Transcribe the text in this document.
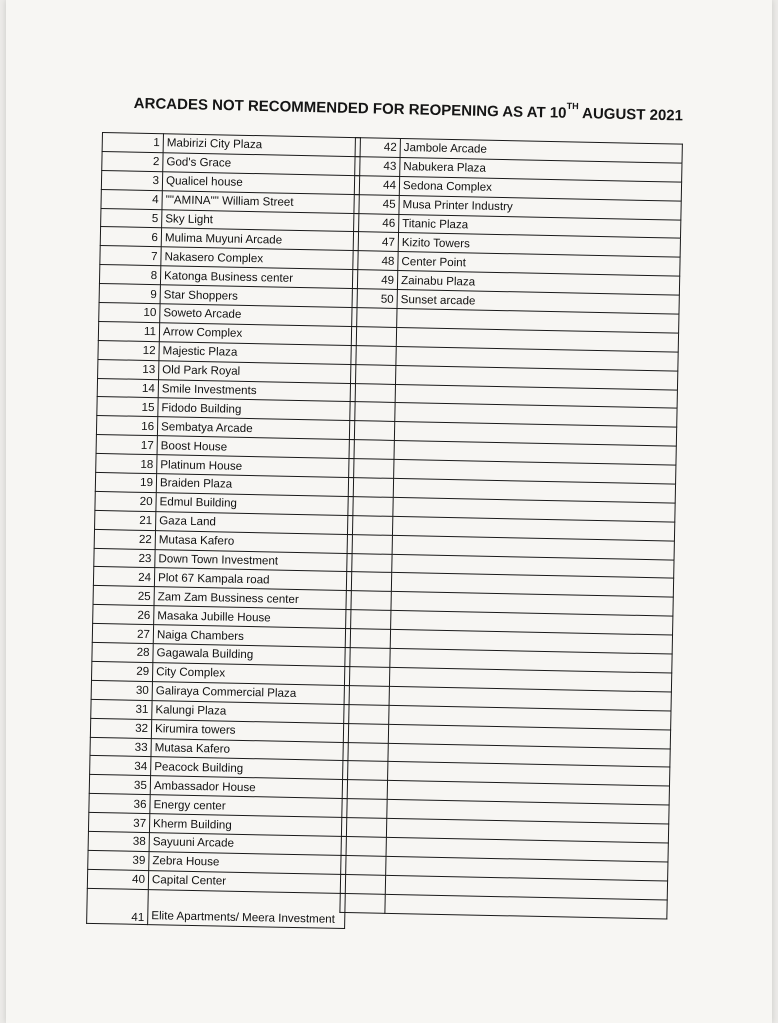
ARCADES NOT RECOMMENDED FOR REOPENING AS AT 10TH AUGUST 2021
1	Mabirizi City Plaza
2	God's Grace
3	Qualicel house
4	""AMINA"" William Street
5	Sky Light
6	Mulima Muyuni Arcade
7	Nakasero Complex
8	Katonga Business center
9	Star Shoppers
10	Soweto Arcade
11	Arrow Complex
12	Majestic Plaza
13	Old Park Royal
14	Smile Investments
15	Fidodo Building
16	Sembatya Arcade
17	Boost House
18	Platinum House
19	Braiden Plaza
20	Edmul Building
21	Gaza Land
22	Mutasa Kafero
23	Down Town Investment
24	Plot 67 Kampala road
25	Zam Zam Bussiness center
26	Masaka Jubille House
27	Naiga Chambers
28	Gagawala Building
29	City Complex
30	Galiraya Commercial Plaza
31	Kalungi Plaza
32	Kirumira towers
33	Mutasa Kafero
34	Peacock Building
35	Ambassador House
36	Energy center
37	Kherm Building
38	Sayuuni Arcade
39	Zebra House
40	Capital Center
41	Elite Apartments/ Meera Investment
42	Jambole Arcade
43	Nabukera Plaza
44	Sedona Complex
45	Musa Printer Industry
46	Titanic Plaza
47	Kizito Towers
48	Center Point
49	Zainabu Plaza
50	Sunset arcade
